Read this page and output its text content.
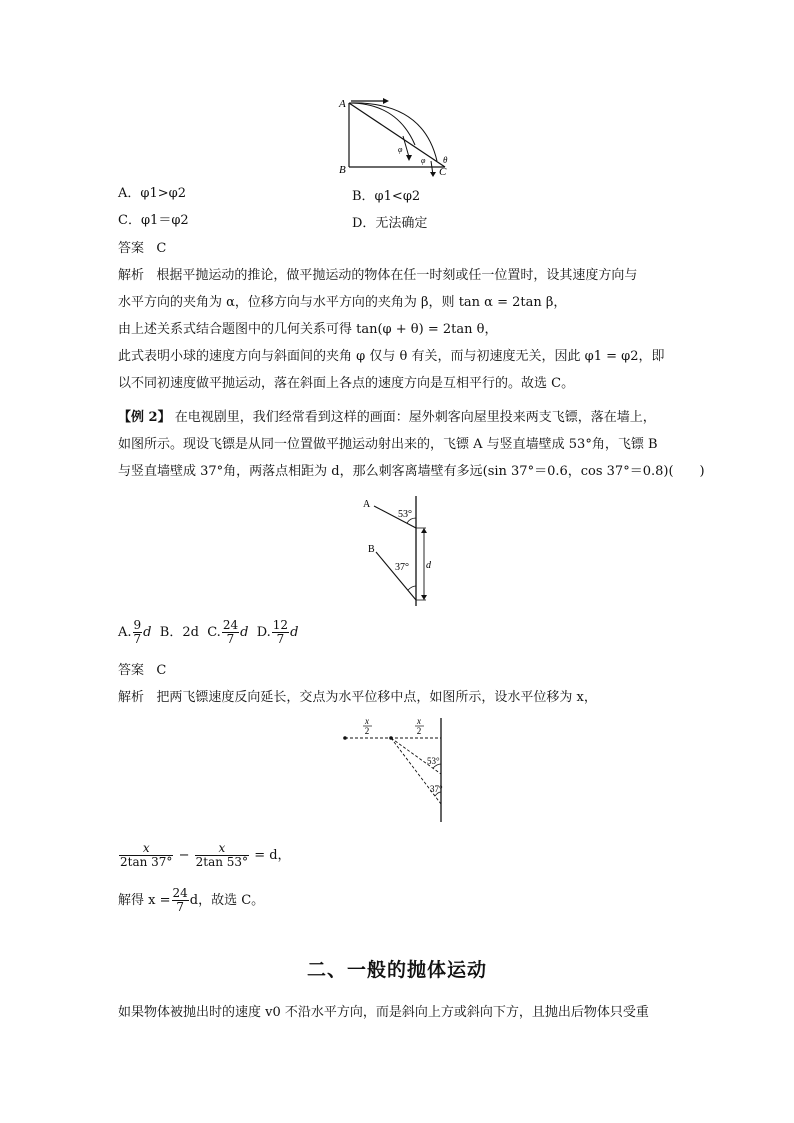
A
B	C
θ
φ
φ
A．φ1>φ2	B．φ1<φ2
C．φ1＝φ2	D．无法确定
答案 C
解析 根据平抛运动的推论，做平抛运动的物体在任一时刻或任一位置时，设其速度方向与
水平方向的夹角为 α，位移方向与水平方向的夹角为 β，则 tan α = 2tan β，
由上述关系式结合题图中的几何关系可得 tan(φ + θ) = 2tan θ，
此式表明小球的速度方向与斜面间的夹角 φ 仅与 θ 有关，而与初速度无关，因此 φ1 = φ2，即
以不同初速度做平抛运动，落在斜面上各点的速度方向是互相平行的。故选 C。
【例 2】 在电视剧里，我们经常看到这样的画面：屋外刺客向屋里投来两支飞镖，落在墙上，
如图所示。现设飞镖是从同一位置做平抛运动射出来的，飞镖 A 与竖直墙壁成 53°角，飞镖 B
与竖直墙壁成 37°角，两落点相距为 d，那么刺客离墙壁有多远(sin 37°＝0.6，cos 37°＝0.8)(　　)
A
B
53°
37° d
A. $\frac{9}{7}$ d B．2d C. $\frac{24}{7}$ d D. $\frac{12}{7}$ d
答案 C
解析 把两飞镖速度反向延长，交点为水平位移中点，如图所示，设水平位移为 x，
x
2
x
2
53°
37°
$\frac{x}{2\tan 37^\circ} - \frac{x}{2\tan 53^\circ} = d$，
解得 $x = \frac{24}{7}$ d，故选 C。
二、一般的抛体运动
如果物体被抛出时的速度 v0 不沿水平方向，而是斜向上方或斜向下方，且抛出后物体只受重
